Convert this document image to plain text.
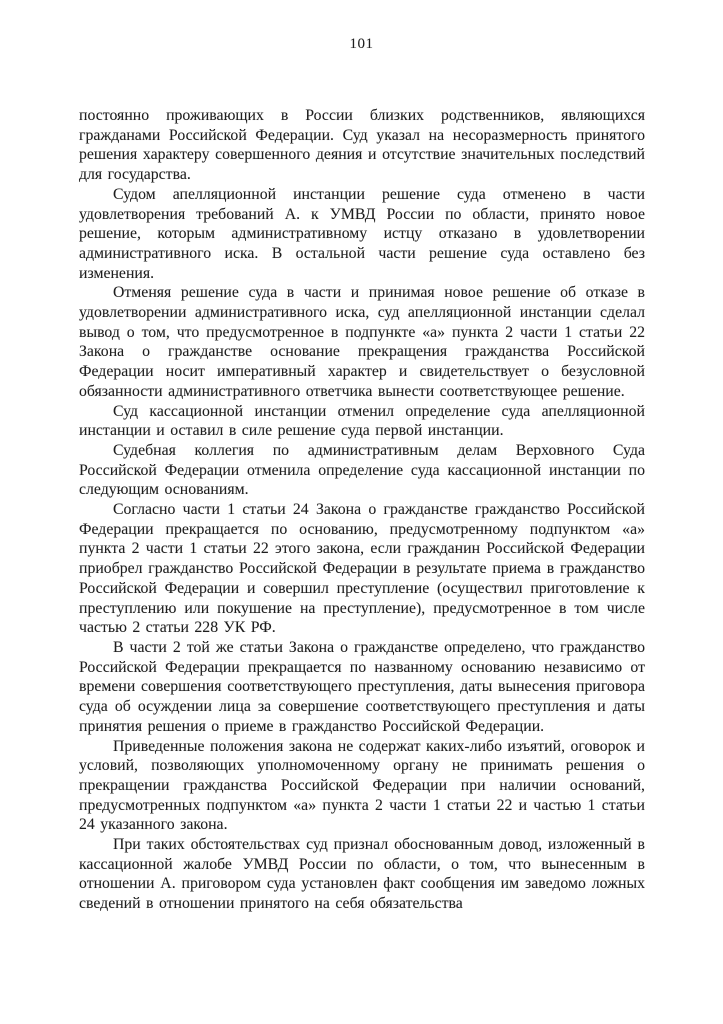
101

постоянно проживающих в России близких родственников, являющихся гражданами Российской Федерации. Суд указал на несоразмерность принятого решения характеру совершенного деяния и отсутствие значительных последствий для государства.

Судом апелляционной инстанции решение суда отменено в части удовлетворения требований А. к УМВД России по области, принято новое решение, которым административному истцу отказано в удовлетворении административного иска. В остальной части решение суда оставлено без изменения.

Отменяя решение суда в части и принимая новое решение об отказе в удовлетворении административного иска, суд апелляционной инстанции сделал вывод о том, что предусмотренное в подпункте «а» пункта 2 части 1 статьи 22 Закона о гражданстве основание прекращения гражданства Российской Федерации носит императивный характер и свидетельствует о безусловной обязанности административного ответчика вынести соответствующее решение.

Суд кассационной инстанции отменил определение суда апелляционной инстанции и оставил в силе решение суда первой инстанции.

Судебная коллегия по административным делам Верховного Суда Российской Федерации отменила определение суда кассационной инстанции по следующим основаниям.

Согласно части 1 статьи 24 Закона о гражданстве гражданство Российской Федерации прекращается по основанию, предусмотренному подпунктом «а» пункта 2 части 1 статьи 22 этого закона, если гражданин Российской Федерации приобрел гражданство Российской Федерации в результате приема в гражданство Российской Федерации и совершил преступление (осуществил приготовление к преступлению или покушение на преступление), предусмотренное в том числе частью 2 статьи 228 УК РФ.

В части 2 той же статьи Закона о гражданстве определено, что гражданство Российской Федерации прекращается по названному основанию независимо от времени совершения соответствующего преступления, даты вынесения приговора суда об осуждении лица за совершение соответствующего преступления и даты принятия решения о приеме в гражданство Российской Федерации.

Приведенные положения закона не содержат каких-либо изъятий, оговорок и условий, позволяющих уполномоченному органу не принимать решения о прекращении гражданства Российской Федерации при наличии оснований, предусмотренных подпунктом «а» пункта 2 части 1 статьи 22 и частью 1 статьи 24 указанного закона.

При таких обстоятельствах суд признал обоснованным довод, изложенный в кассационной жалобе УМВД России по области, о том, что вынесенным в отношении А. приговором суда установлен факт сообщения им заведомо ложных сведений в отношении принятого на себя обязательства
